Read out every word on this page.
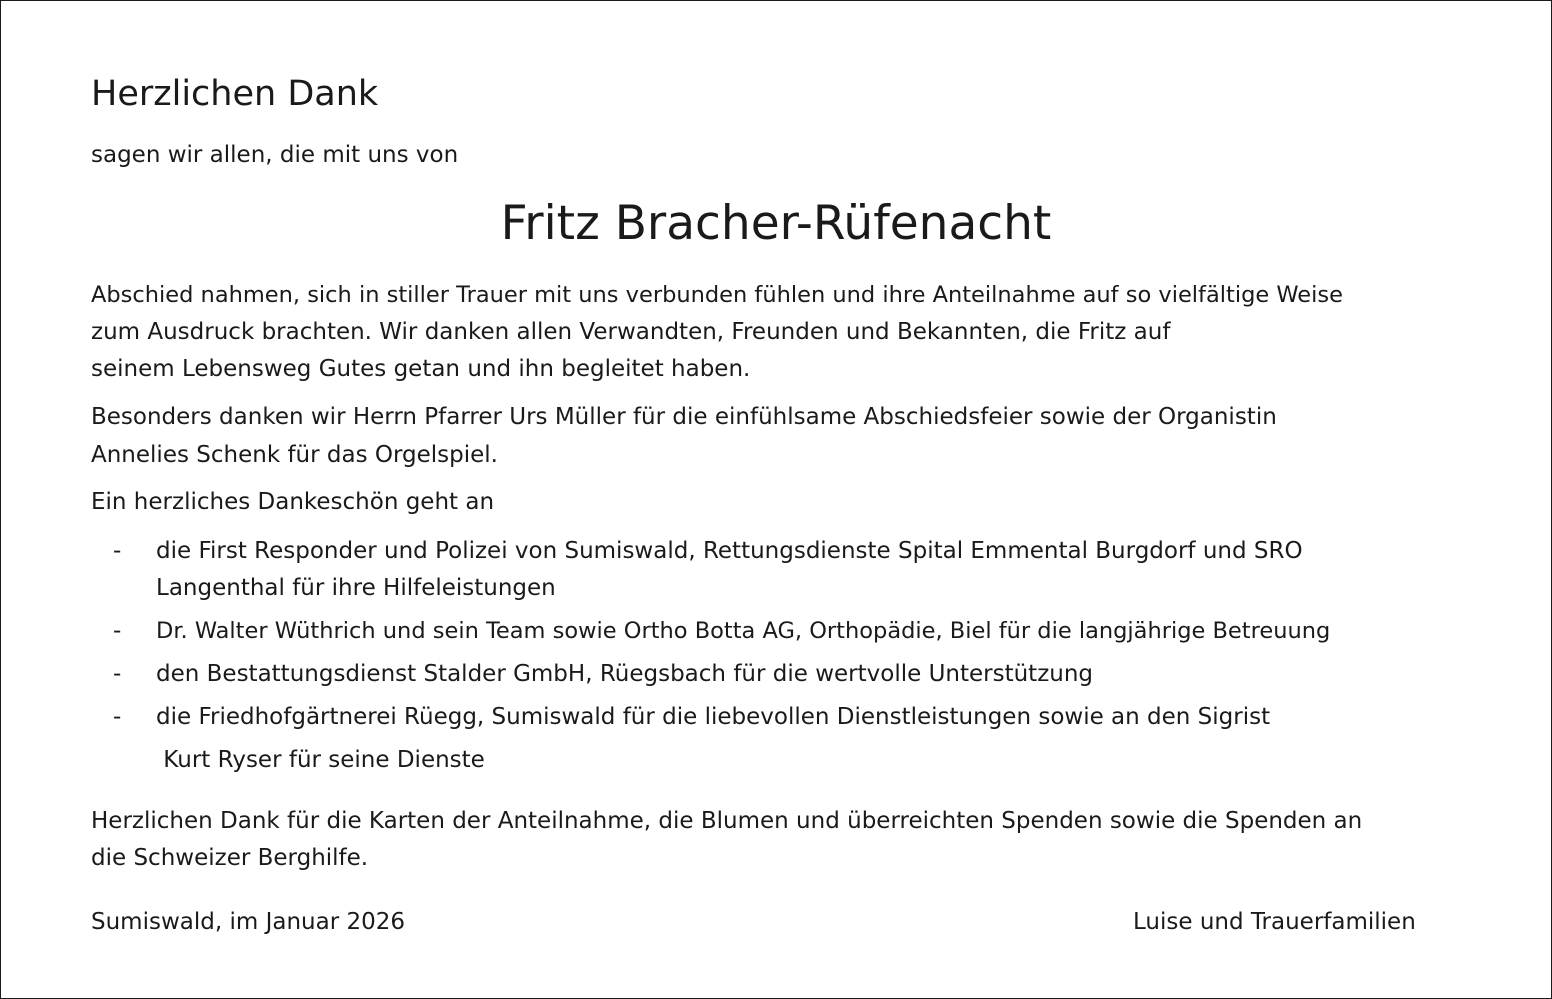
Herzlichen Dank
sagen wir allen, die mit uns von
Fritz Bracher-Rüfenacht
Abschied nahmen, sich in stiller Trauer mit uns verbunden fühlen und ihre Anteilnahme auf so vielfältige Weise
zum Ausdruck brachten. Wir danken allen Verwandten, Freunden und Bekannten, die Fritz auf
seinem Lebensweg Gutes getan und ihn begleitet haben.
Besonders danken wir Herrn Pfarrer Urs Müller für die einfühlsame Abschiedsfeier sowie der Organistin
Annelies Schenk für das Orgelspiel.
Ein herzliches Dankeschön geht an
- die First Responder und Polizei von Sumiswald, Rettungsdienste Spital Emmental Burgdorf und SRO
Langenthal für ihre Hilfeleistungen
- Dr. Walter Wüthrich und sein Team sowie Ortho Botta AG, Orthopädie, Biel für die langjährige Betreuung
- den Bestattungsdienst Stalder GmbH, Rüegsbach für die wertvolle Unterstützung
- die Friedhofgärtnerei Rüegg, Sumiswald für die liebevollen Dienstleistungen sowie an den Sigrist
Kurt Ryser für seine Dienste
Herzlichen Dank für die Karten der Anteilnahme, die Blumen und überreichten Spenden sowie die Spenden an
die Schweizer Berghilfe.
Sumiswald, im Januar 2026	Luise und Trauerfamilien
